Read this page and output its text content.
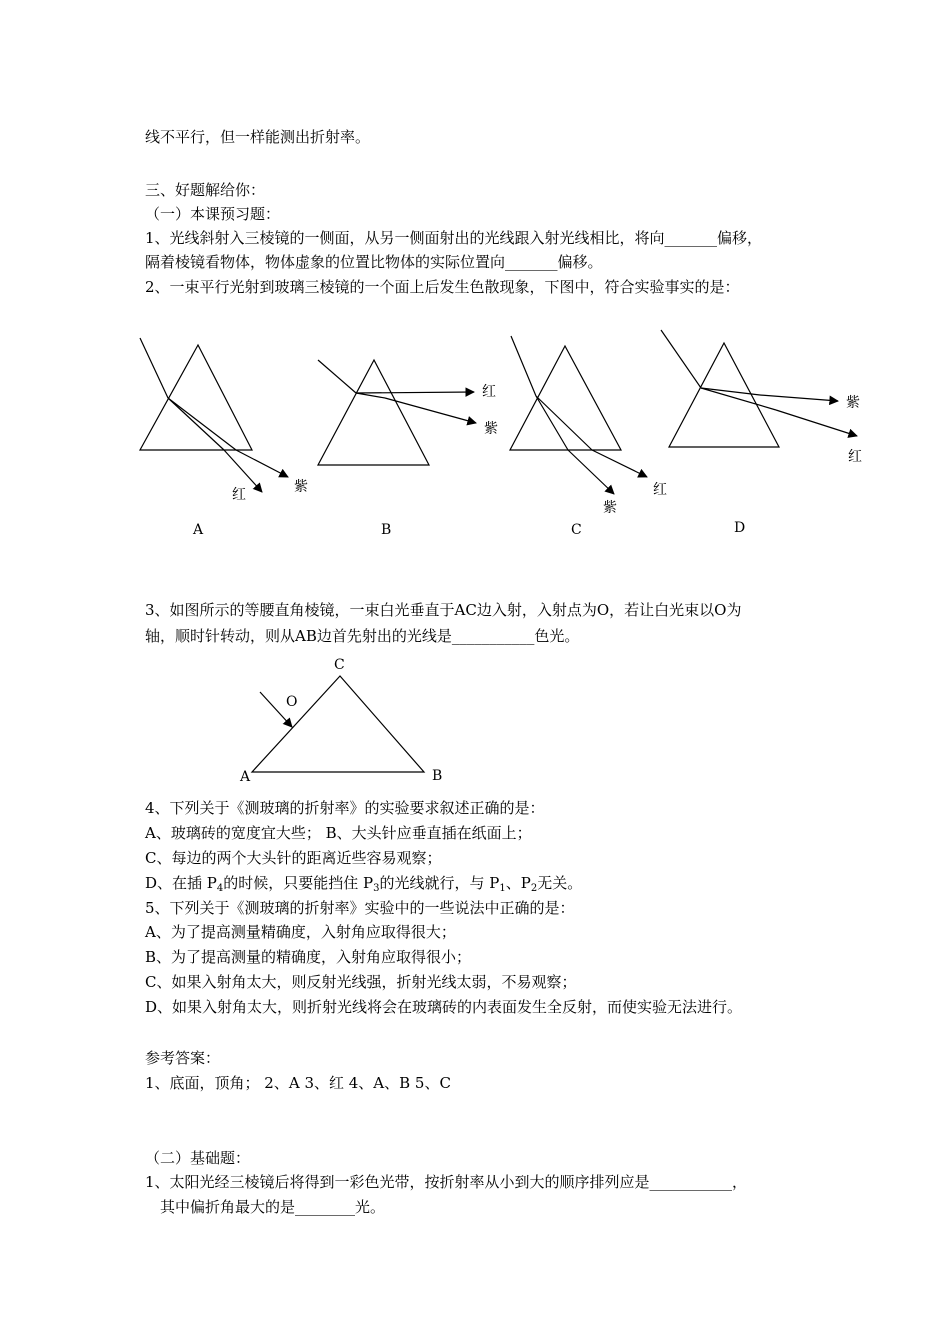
线不平行，但一样能测出折射率。
三、好题解给你：
（一）本课预习题：
1、光线斜射入三棱镜的一侧面，从另一侧面射出的光线跟入射光线相比，将向_______偏移，
隔着棱镜看物体，物体虚象的位置比物体的实际位置向_______偏移。
2、一束平行光射到玻璃三棱镜的一个面上后发生色散现象，下图中，符合实验事实的是：
红	紫
A
红
紫
B
紫
红
C
紫
红
D
3、如图所示的等腰直角棱镜，一束白光垂直于AC边入射，入射点为O，若让白光束以O为
轴，顺时针转动，则从AB边首先射出的光线是___________色光。
C
O
A	B
4、下列关于《测玻璃的折射率》的实验要求叙述正确的是：
A、玻璃砖的宽度宜大些； B、大头针应垂直插在纸面上；
C、每边的两个大头针的距离近些容易观察；
D、在插 $P_4$的时候，只要能挡住 $P_3$的光线就行，与 $P_1$、$P_2$无关。
5、下列关于《测玻璃的折射率》实验中的一些说法中正确的是：
A、为了提高测量精确度，入射角应取得很大；
B、为了提高测量的精确度，入射角应取得很小；
C、如果入射角太大，则反射光线强，折射光线太弱，不易观察；
D、如果入射角太大，则折射光线将会在玻璃砖的内表面发生全反射，而使实验无法进行。
参考答案：
1、底面，顶角； 2、A 3、红 4、A、B 5、C
（二）基础题：
1、太阳光经三棱镜后将得到一彩色光带，按折射率从小到大的顺序排列应是___________，
其中偏折角最大的是________光。
